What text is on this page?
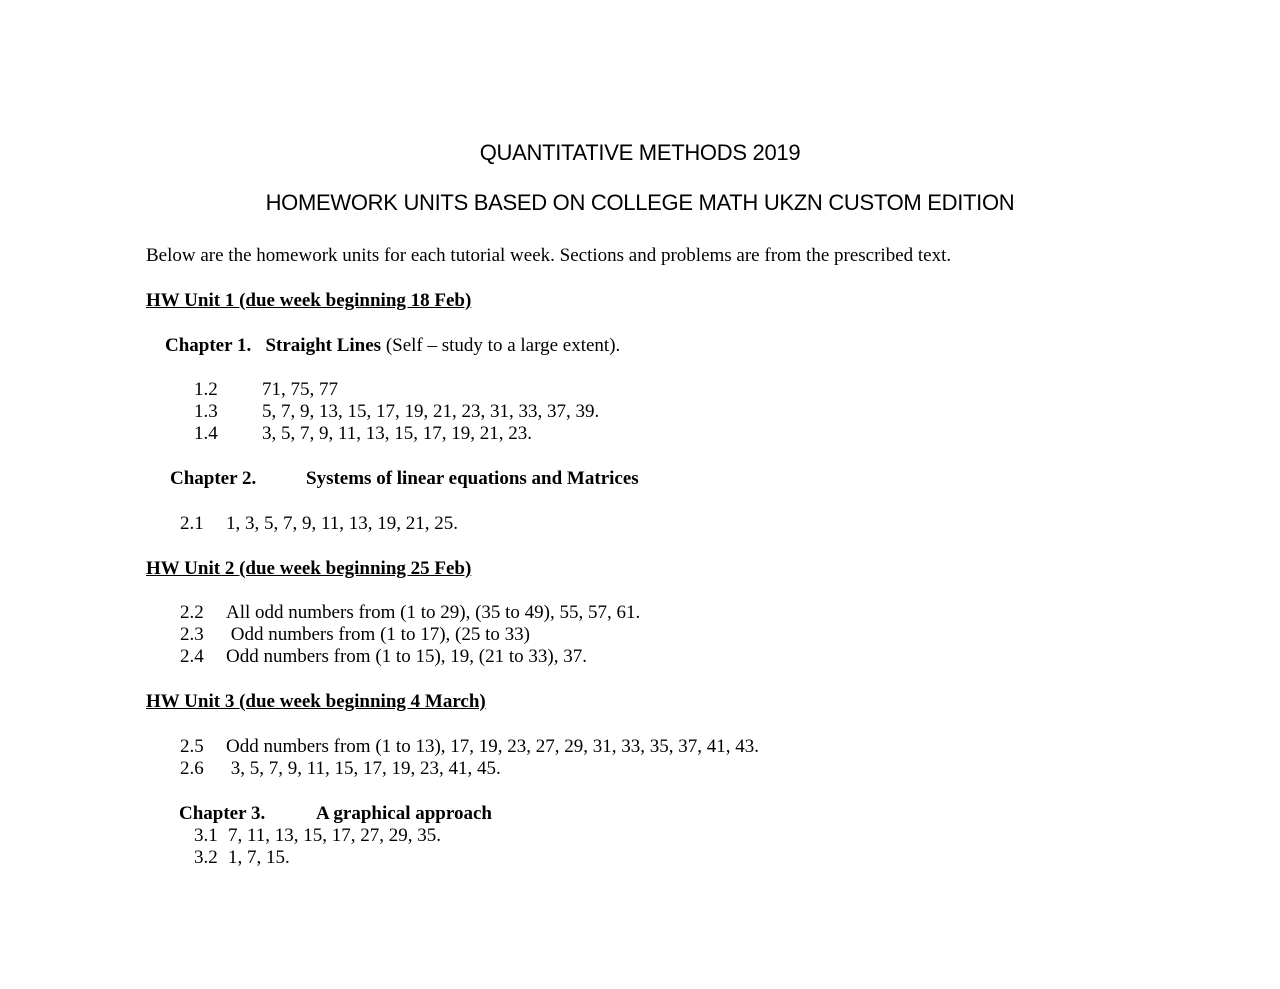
QUANTITATIVE METHODS 2019
HOMEWORK UNITS BASED ON COLLEGE MATH UKZN CUSTOM EDITION
Below are the homework units for each tutorial week. Sections and problems are from the prescribed text.
HW Unit 1 (due week beginning 18 Feb)
Chapter 1. Straight Lines (Self – study to a large extent).
1.2 71, 75, 77
1.3 5, 7, 9, 13, 15, 17, 19, 21, 23, 31, 33, 37, 39.
1.4 3, 5, 7, 9, 11, 13, 15, 17, 19, 21, 23.
Chapter 2.	Systems of linear equations and Matrices
2.1 1, 3, 5, 7, 9, 11, 13, 19, 21, 25.
HW Unit 2 (due week beginning 25 Feb)
2.2 All odd numbers from (1 to 29), (35 to 49), 55, 57, 61.
2.3 Odd numbers from (1 to 17), (25 to 33)
2.4 Odd numbers from (1 to 15), 19, (21 to 33), 37.
HW Unit 3 (due week beginning 4 March)
2.5 Odd numbers from (1 to 13), 17, 19, 23, 27, 29, 31, 33, 35, 37, 41, 43.
2.6 3, 5, 7, 9, 11, 15, 17, 19, 23, 41, 45.
Chapter 3.	A graphical approach
3.1 7, 11, 13, 15, 17, 27, 29, 35.
3.2 1, 7, 15.
